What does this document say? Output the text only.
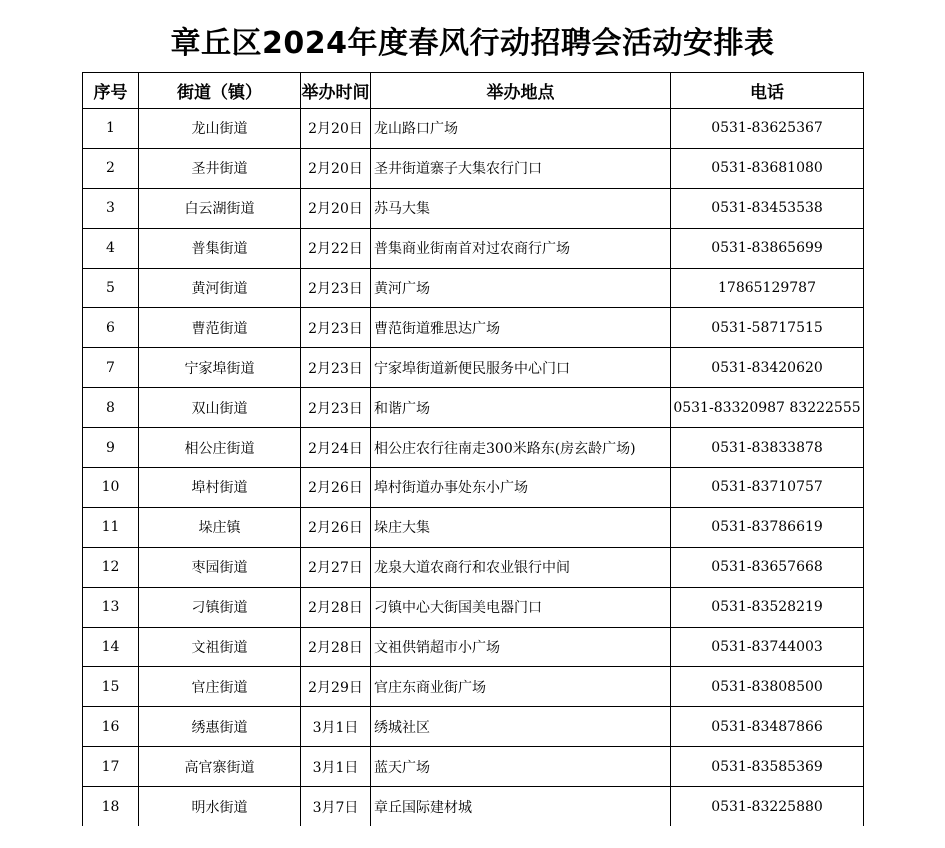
章丘区2024年度春风行动招聘会活动安排表
序号	街道（镇）	举办时间	举办地点	电话
1	龙山街道	2月20日	龙山路口广场	0531-83625367
2	圣井街道	2月20日	圣井街道寨子大集农行门口	0531-83681080
3	白云湖街道	2月20日	苏马大集	0531-83453538
4	普集街道	2月22日	普集商业街南首对过农商行广场	0531-83865699
5	黄河街道	2月23日	黄河广场	17865129787
6	曹范街道	2月23日	曹范街道雅思达广场	0531-58717515
7	宁家埠街道	2月23日	宁家埠街道新便民服务中心门口	0531-83420620
8	双山街道	2月23日	和谐广场	0531-83320987 83222555
9	相公庄街道	2月24日	相公庄农行往南走300米路东(房玄龄广场)	0531-83833878
10	埠村街道	2月26日	埠村街道办事处东小广场	0531-83710757
11	垛庄镇	2月26日	垛庄大集	0531-83786619
12	枣园街道	2月27日	龙泉大道农商行和农业银行中间	0531-83657668
13	刁镇街道	2月28日	刁镇中心大街国美电器门口	0531-83528219
14	文祖街道	2月28日	文祖供销超市小广场	0531-83744003
15	官庄街道	2月29日	官庄东商业街广场	0531-83808500
16	绣惠街道	3月1日	绣城社区	0531-83487866
17	高官寨街道	3月1日	蓝天广场	0531-83585369
18	明水街道	3月7日	章丘国际建材城	0531-83225880
